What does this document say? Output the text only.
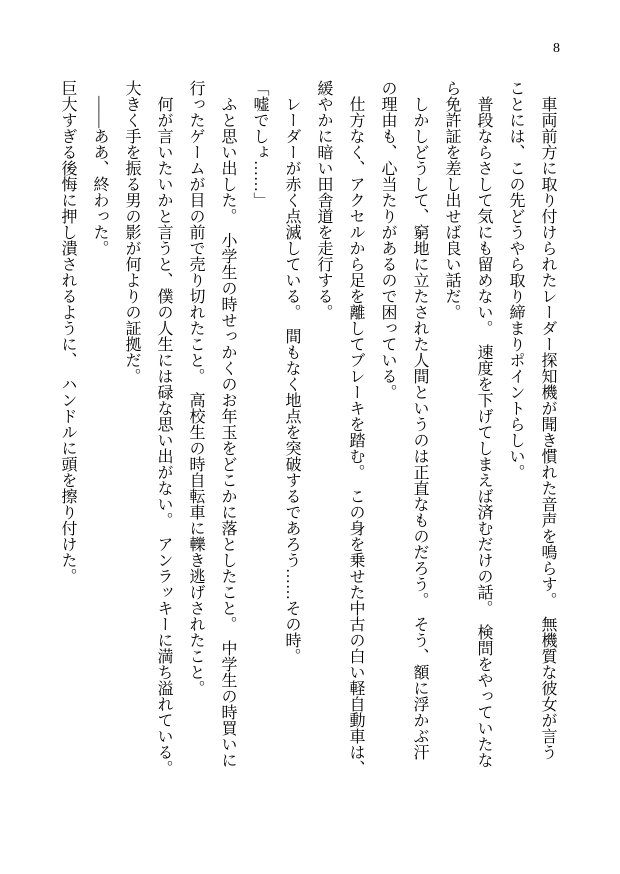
8
　車両前方に取り付けられたレーダー探知機が聞き慣れた音声を鳴らす。　無機質な彼女が言う
ことには、この先どうやら取り締まりポイントらしい。
　普段ならさして気にも留めない。　速度を下げてしまえば済むだけの話。　検問をやっていたな
ら免許証を差し出せば良い話だ。
　しかしどうして、窮地に立たされた人間というのは正直なものだろう。　そう、額に浮かぶ汗
の理由も、心当たりがあるので困っている。
　仕方なく、アクセルから足を離してブレーキを踏む。　この身を乗せた中古の白い軽自動車は、
緩やかに暗い田舎道を走行する。
　レーダーが赤く点滅している。　間もなく地点を突破するであろう……その時。
「嘘でしょ……」
　ふと思い出した。　小学生の時せっかくのお年玉をどこかに落としたこと。　中学生の時買いに
行ったゲームが目の前で売り切れたこと。　高校生の時自転車に轢き逃げされたこと。
　何が言いたいかと言うと、僕の人生には碌な思い出がない。　アンラッキーに満ち溢れている。
大きく手を振る男の影が何よりの証拠だ。
　――ああ、終わった。
巨大すぎる後悔に押し潰されるように、　ハンドルに頭を擦り付けた。
